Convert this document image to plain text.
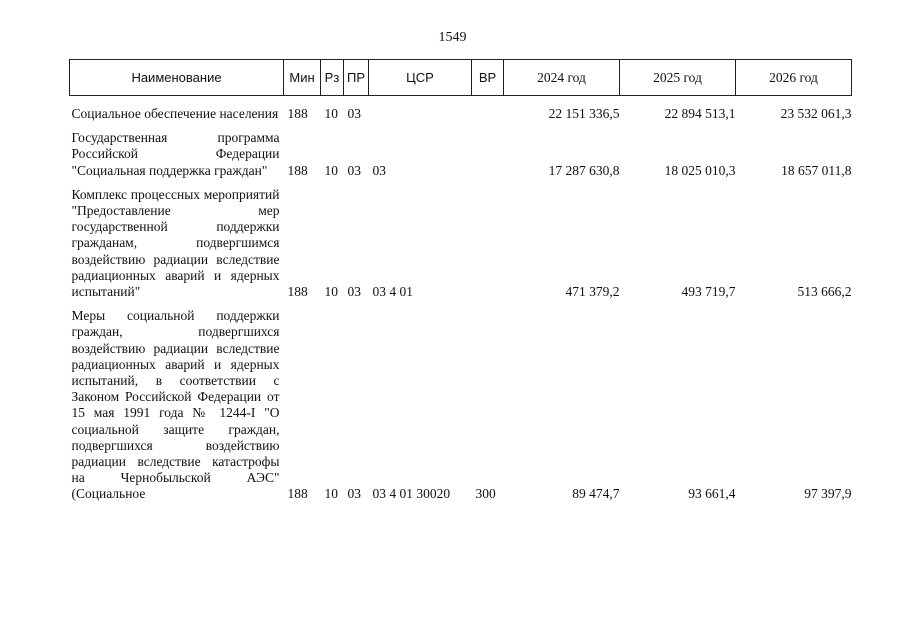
1549
Наименование	Мин	Рз	ПР	ЦСР	ВР	2024 год	2025 год	2026 год
Социальное обеспечение населения	188	10	03			22 151 336,5	22 894 513,1	23 532 061,3
Государственная программа Российской Федерации "Социальная поддержка граждан"	188	10	03	03		17 287 630,8	18 025 010,3	18 657 011,8
Комплекс процессных мероприятий "Предоставление мер государственной поддержки гражданам, подвергшимся воздействию радиации вследствие радиационных аварий и ядерных испытаний"	188	10	03	03 4 01		471 379,2	493 719,7	513 666,2
Меры социальной поддержки граждан, подвергшихся воздействию радиации вследствие радиационных аварий и ядерных испытаний, в соответствии с Законом Российской Федерации от 15 мая 1991 года № 1244-I "О социальной защите граждан, подвергшихся воздействию радиации вследствие катастрофы на Чернобыльской АЭС" (Социальное	188	10	03	03 4 01 30020	300	89 474,7	93 661,4	97 397,9
